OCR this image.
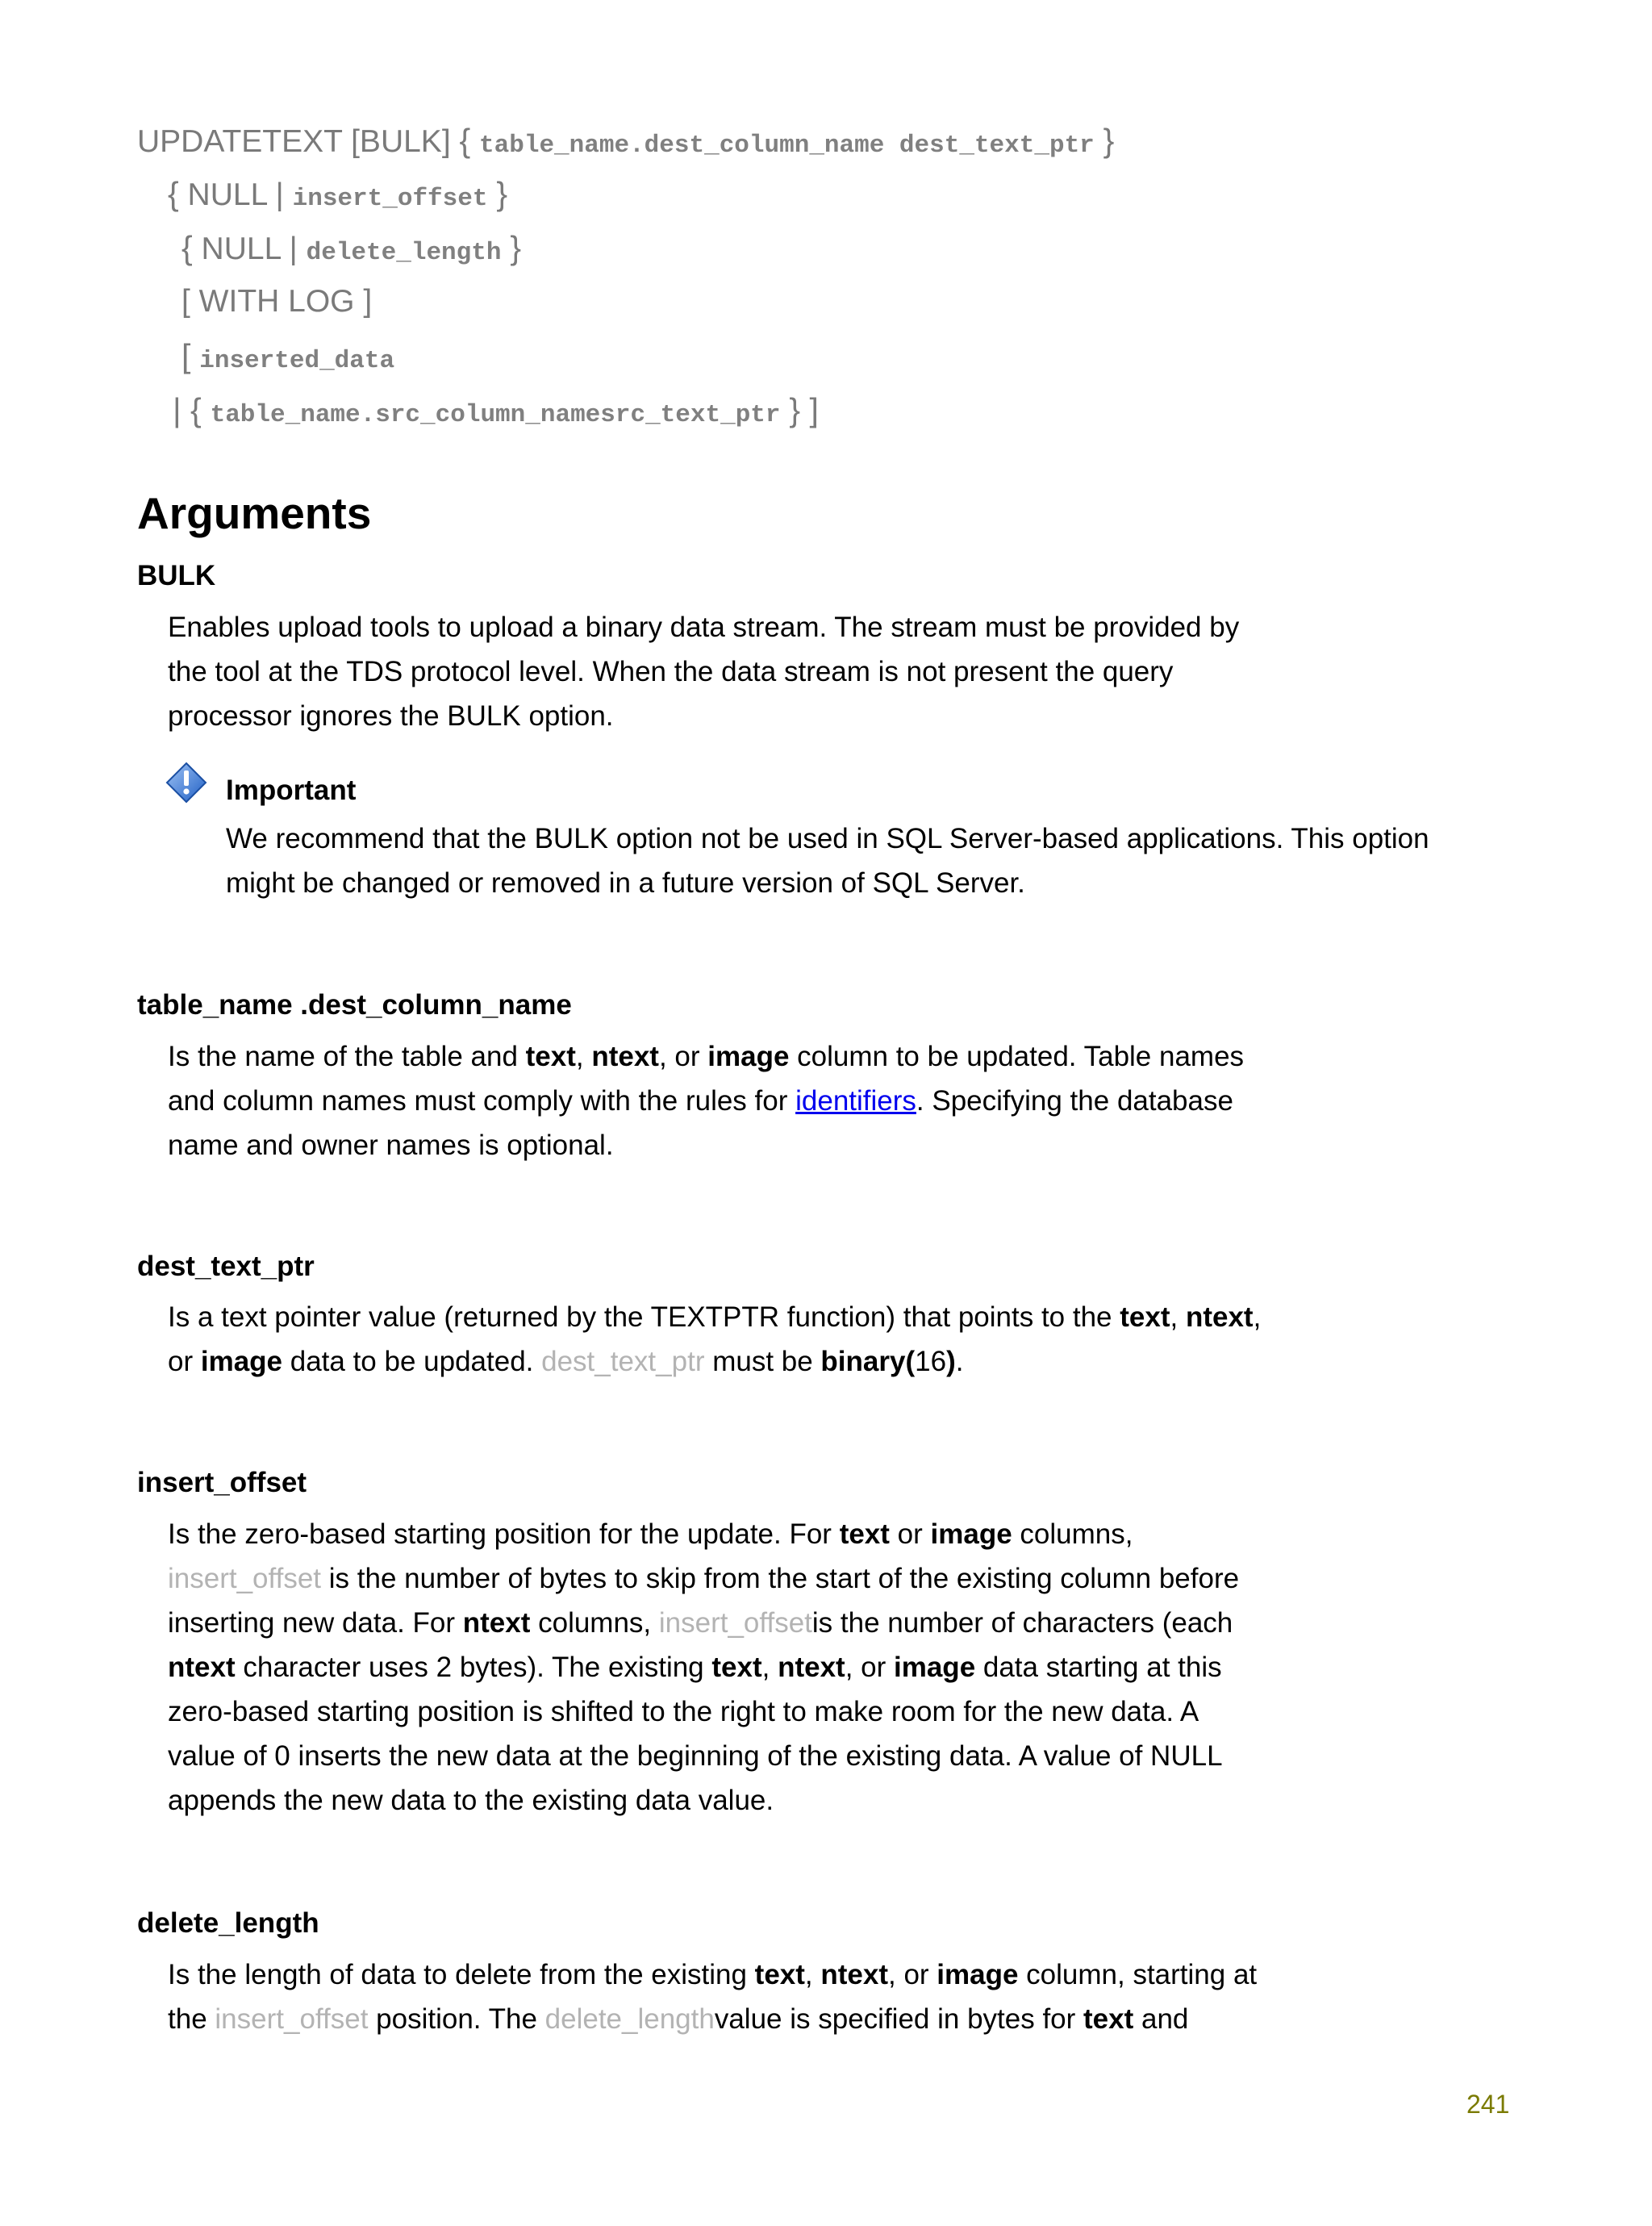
UPDATETEXT [BULK] { table_name.dest_column_name dest_text_ptr }
{ NULL | insert_offset }
{ NULL | delete_length }
[ WITH LOG ]
[ inserted_data
| { table_name.src_column_namesrc_text_ptr } ]
Arguments
BULK
Enables upload tools to upload a binary data stream. The stream must be provided by
the tool at the TDS protocol level. When the data stream is not present the query
processor ignores the BULK option.
Important
We recommend that the BULK option not be used in SQL Server-based applications. This option
might be changed or removed in a future version of SQL Server.
table_name .dest_column_name
Is the name of the table and text, ntext, or image column to be updated. Table names
and column names must comply with the rules for identifiers. Specifying the database
name and owner names is optional.
dest_text_ptr
Is a text pointer value (returned by the TEXTPTR function) that points to the text, ntext,
or image data to be updated. dest_text_ptr must be binary(16).
insert_offset
Is the zero-based starting position for the update. For text or image columns,
insert_offset is the number of bytes to skip from the start of the existing column before
inserting new data. For ntext columns, insert_offsetis the number of characters (each
ntext character uses 2 bytes). The existing text, ntext, or image data starting at this
zero-based starting position is shifted to the right to make room for the new data. A
value of 0 inserts the new data at the beginning of the existing data. A value of NULL
appends the new data to the existing data value.
delete_length
Is the length of data to delete from the existing text, ntext, or image column, starting at
the insert_offset position. The delete_lengthvalue is specified in bytes for text and
241
